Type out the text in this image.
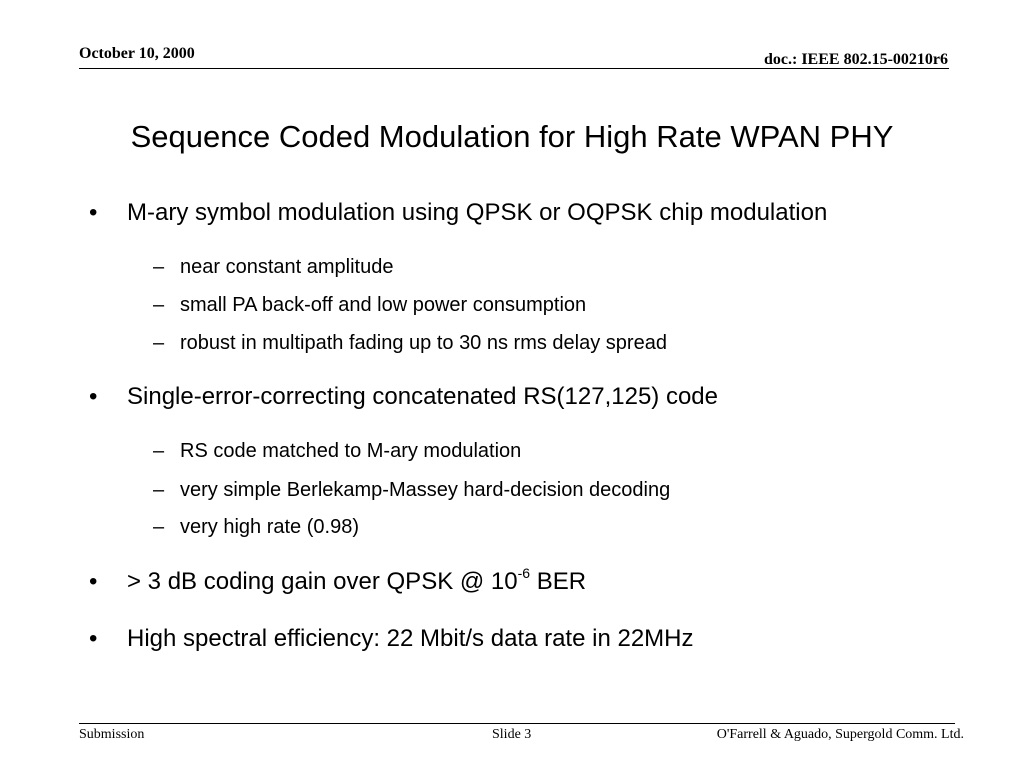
October 10, 2000	doc.: IEEE 802.15-00210r6
Sequence Coded Modulation for High Rate WPAN PHY
• M-ary symbol modulation using QPSK or OQPSK chip modulation
– near constant amplitude
– small PA back-off and low power consumption
– robust in multipath fading up to 30 ns rms delay spread
• Single-error-correcting concatenated RS(127,125) code
– RS code matched to M-ary modulation
– very simple Berlekamp-Massey hard-decision decoding
– very high rate (0.98)
• > 3 dB coding gain over QPSK @ $10^{-6}$ BER
• High spectral efficiency: 22 Mbit/s data rate in 22MHz
Submission	Slide 3	O'Farrell & Aguado, Supergold Comm. Ltd.
